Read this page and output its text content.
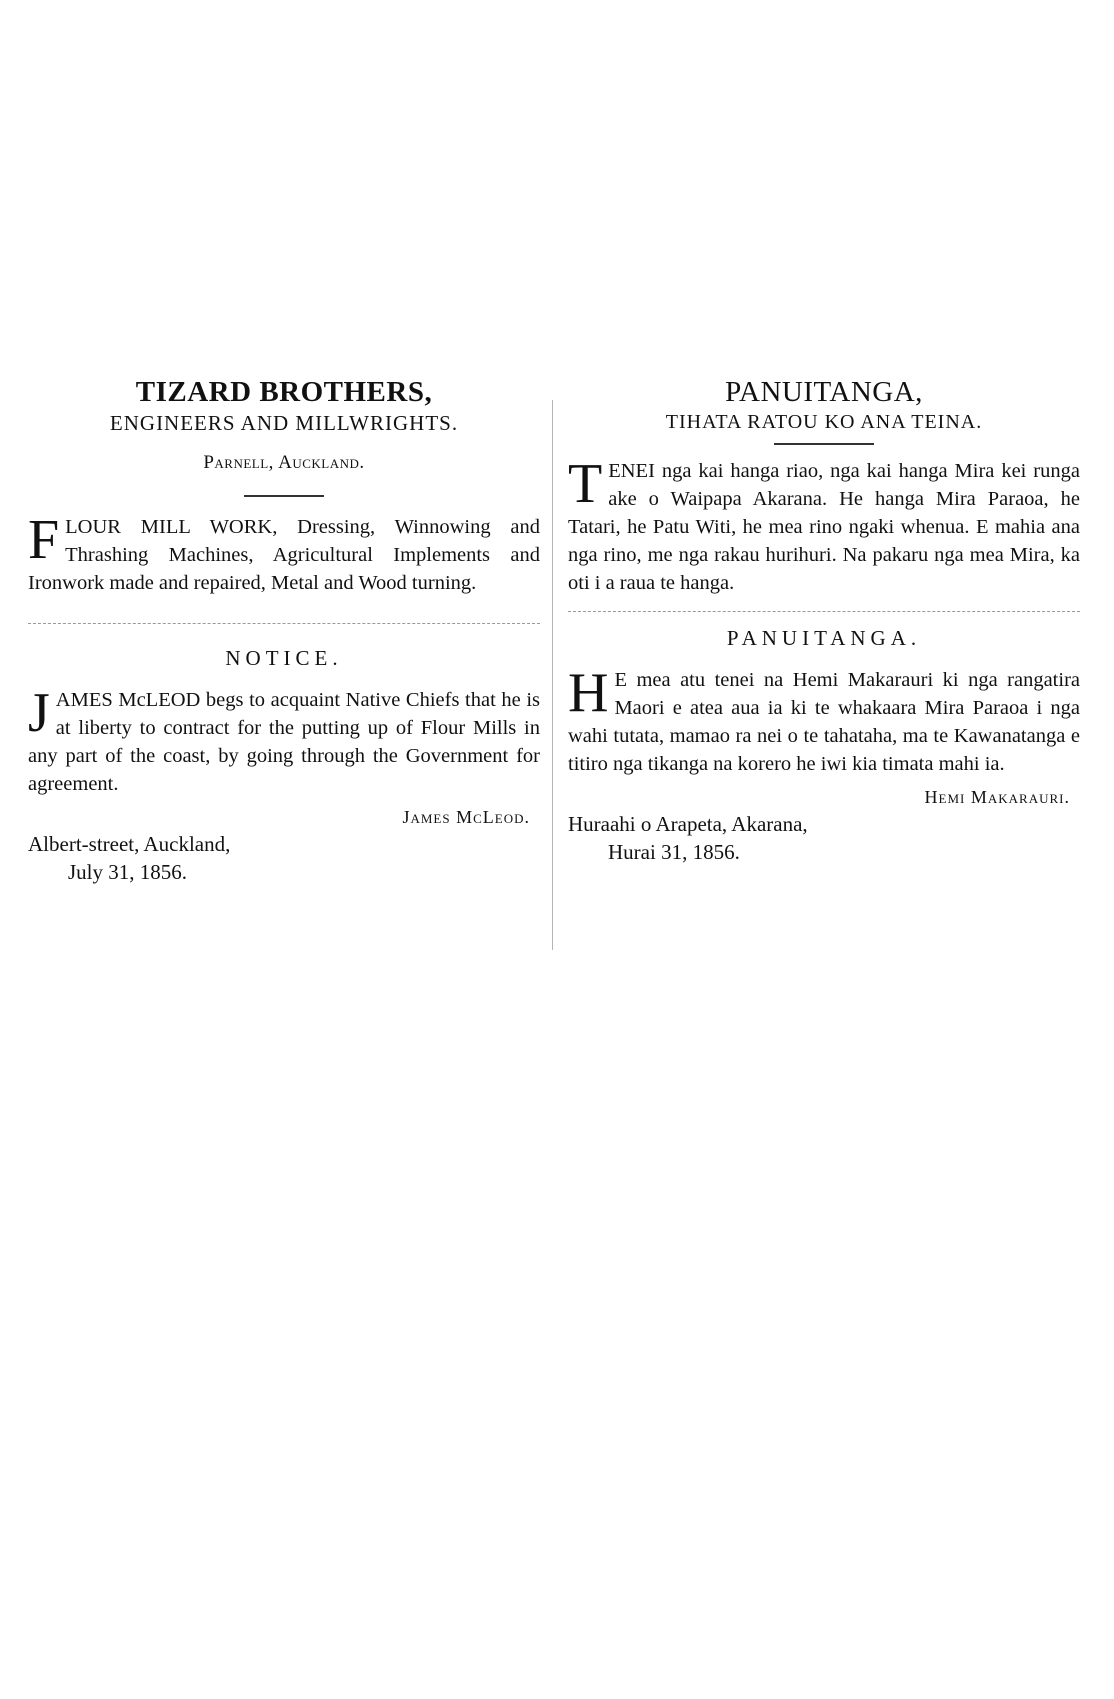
TIZARD BROTHERS,

ENGINEERS AND MILLWRIGHTS.

Parnell, Auckland.

FLOUR MILL WORK, Dressing, Winnowing and Thrashing Machines, Agricultural Implements and Ironwork made and repaired, Metal and Wood turning.

NOTICE.

JAMES McLEOD begs to acquaint Native Chiefs that he is at liberty to contract for the putting up of Flour Mills in any part of the coast, by going through the Government for agreement.

James McLeod.

Albert-street, Auckland,

July 31, 1856.

PANUITANGA,

TIHATA RATOU KO ANA TEINA.

TENEI nga kai hanga riao, nga kai hanga Mira kei runga ake o Waipapa Akarana. He hanga Mira Paraoa, he Tatari, he Patu Witi, he mea rino ngaki whenua. E mahia ana nga rino, me nga rakau hurihuri. Na pakaru nga mea Mira, ka oti i a raua te hanga.

PANUITANGA.

H E mea atu tenei na Hemi Makarauri ki nga rangatira Maori e atea aua ia ki te whakaara Mira Paraoa i nga wahi tutata, mamao ra nei o te tahataha, ma te Kawanatanga e titiro nga tikanga na korero he iwi kia timata mahi ia.

Hemi Makarauri.

Huraahi o Arapeta, Akarana,

Hurai 31, 1856.
